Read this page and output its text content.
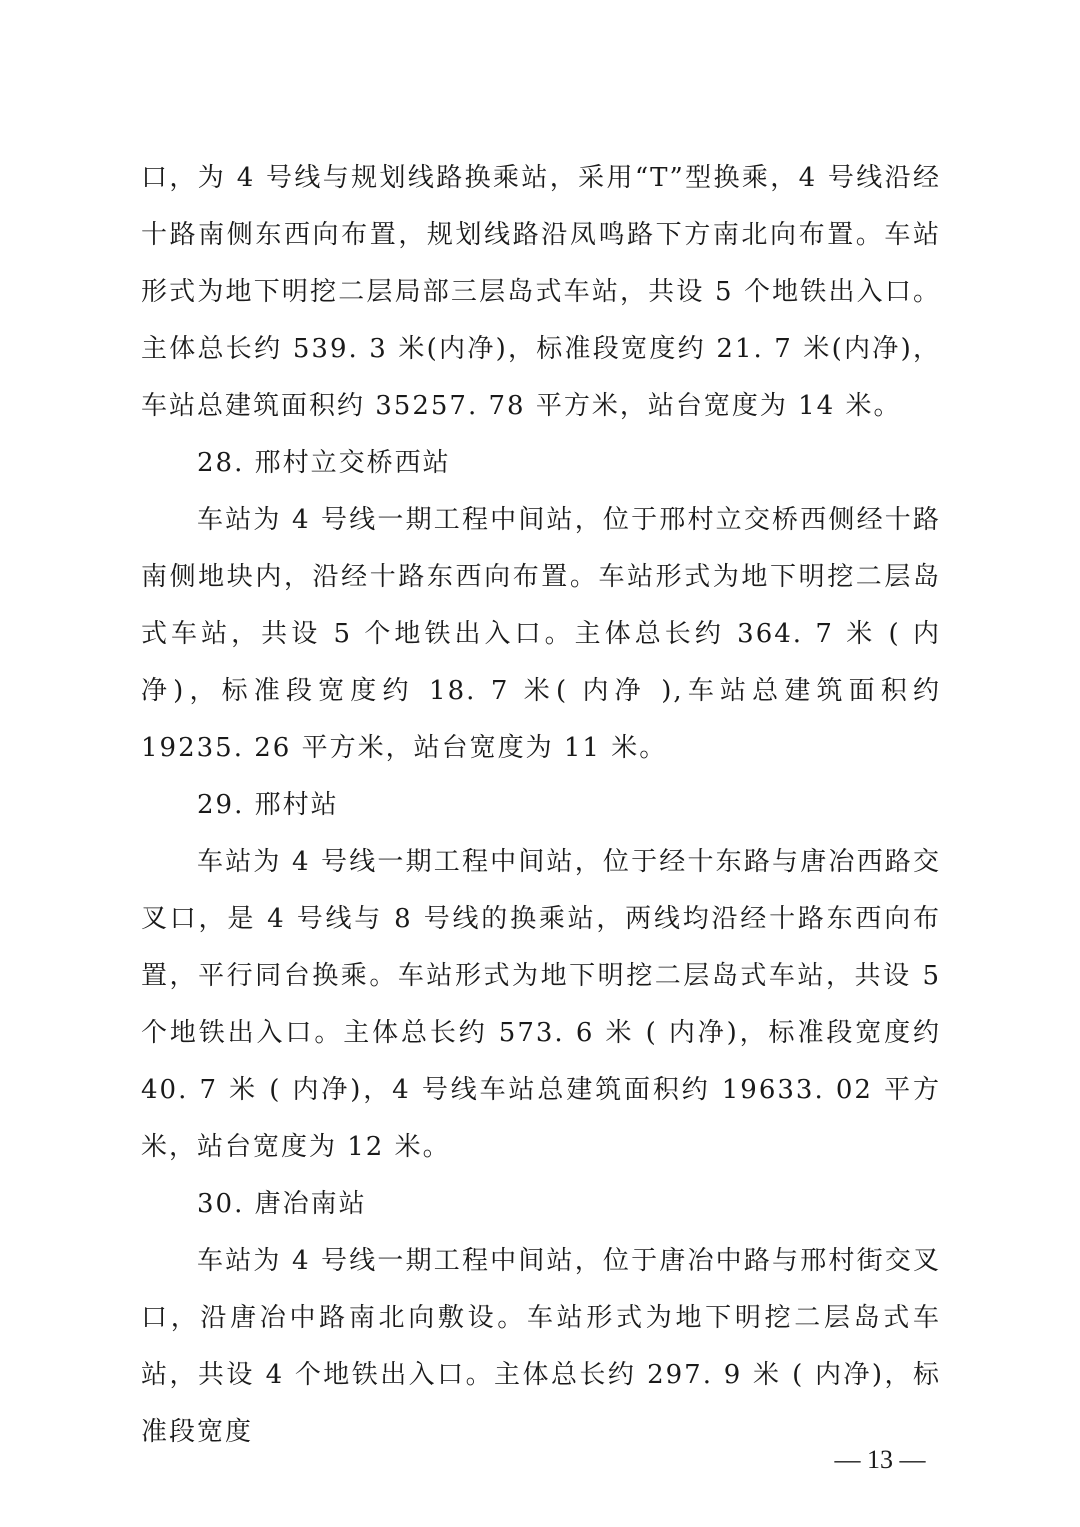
口，为 4 号线与规划线路换乘站，采用“T”型换乘，4 号线沿经十路南侧东西向布置，规划线路沿凤鸣路下方南北向布置。车站形式为地下明挖二层局部三层岛式车站，共设 5 个地铁出入口。主体总长约 539. 3 米(内净)，标准段宽度约 21. 7 米(内净)，车站总建筑面积约 35257. 78 平方米，站台宽度为 14 米。

28. 邢村立交桥西站

车站为 4 号线一期工程中间站，位于邢村立交桥西侧经十路南侧地块内，沿经十路东西向布置。车站形式为地下明挖二层岛式车站，共设 5 个地铁出入口。主体总长约 364. 7 米 ( 内净)，标准段宽度约 18. 7 米( 内净 ),车站总建筑面积约 19235. 26 平方米，站台宽度为 11 米。

29. 邢村站

车站为 4 号线一期工程中间站，位于经十东路与唐冶西路交叉口，是 4 号线与 8 号线的换乘站，两线均沿经十路东西向布置，平行同台换乘。车站形式为地下明挖二层岛式车站，共设 5 个地铁出入口。主体总长约 573. 6 米 ( 内净)，标准段宽度约 40. 7 米 ( 内净)，4 号线车站总建筑面积约 19633. 02 平方米，站台宽度为 12 米。

30. 唐冶南站

车站为 4 号线一期工程中间站，位于唐冶中路与邢村街交叉口，沿唐冶中路南北向敷设。车站形式为地下明挖二层岛式车站，共设 4 个地铁出入口。主体总长约 297. 9 米 ( 内净)，标准段宽度

— 13 —
